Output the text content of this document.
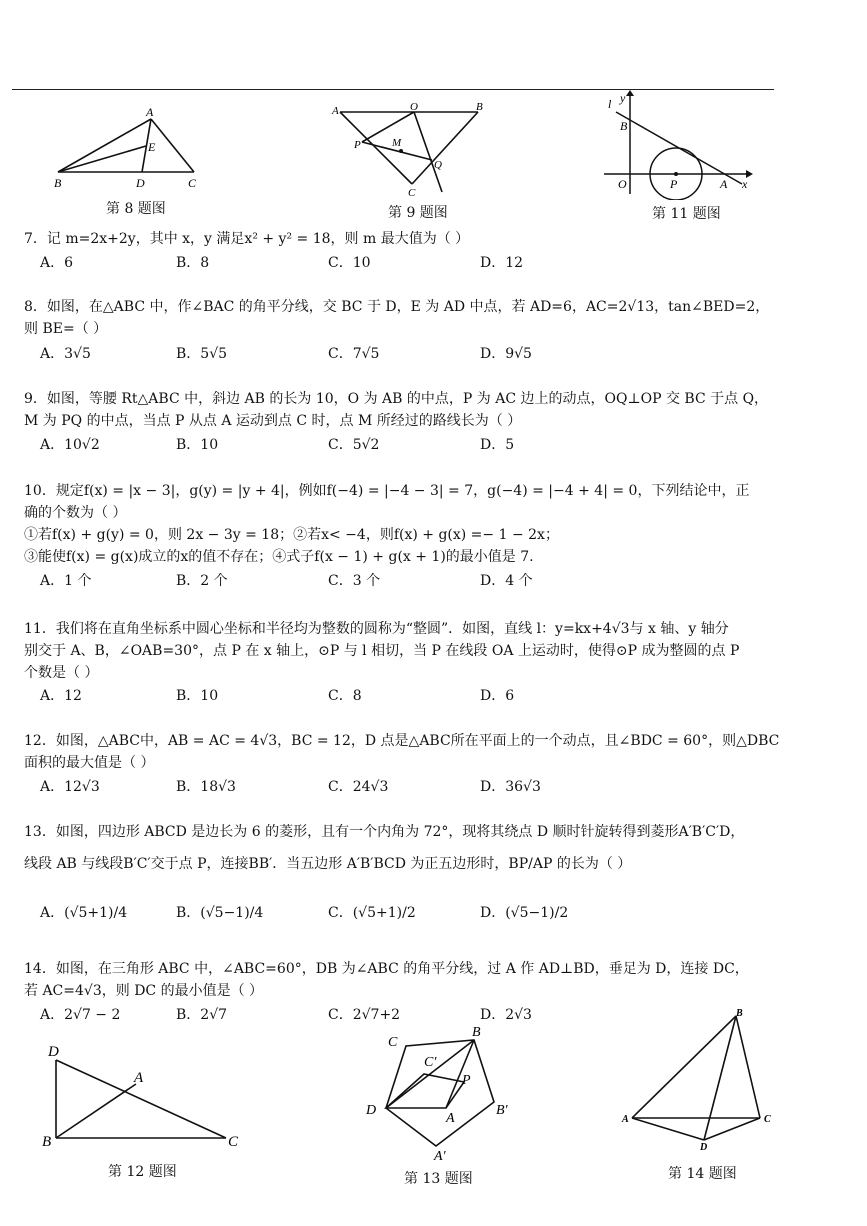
A
E
B	D	C
第 8 题图
A	O	B
P	M
Q
C
第 9 题图
l y
B
O	P	A x
第 11 题图
7．记 m=2x+2y，其中 x，y 满足x² + y² = 18，则 m 最大值为（ ）
A．6	B．8	C．10	D．12
8．如图，在△ABC 中，作∠BAC 的角平分线，交 BC 于 D，E 为 AD 中点，若 AD=6，AC=2√13，tan∠BED=2，
则 BE=（ ）
A．3√5	B．5√5	C．7√5	D．9√5
9．如图，等腰 Rt△ABC 中，斜边 AB 的长为 10，O 为 AB 的中点，P 为 AC 边上的动点，OQ⊥OP 交 BC 于点 Q，
M 为 PQ 的中点，当点 P 从点 A 运动到点 C 时，点 M 所经过的路线长为（ ）
A．10√2	B．10	C．5√2	D．5
10．规定f(x) = |x − 3|，g(y) = |y + 4|，例如f(−4) = |−4 − 3| = 7，g(−4) = |−4 + 4| = 0，下列结论中，正
确的个数为（ ）
①若f(x) + g(y) = 0，则 2x − 3y = 18；②若x< −4，则f(x) + g(x) =− 1 − 2x；
③能使f(x) = g(x)成立的x的值不存在；④式子f(x − 1) + g(x + 1)的最小值是 7.
A．1 个	B．2 个	C．3 个	D．4 个
11．我们将在直角坐标系中圆心坐标和半径均为整数的圆称为“整圆”．如图，直线 l：y=kx+4√3与 x 轴、y 轴分
别交于 A、B，∠OAB=30°，点 P 在 x 轴上，⊙P 与 l 相切，当 P 在线段 OA 上运动时，使得⊙P 成为整圆的点 P
个数是（ ）
A．12	B．10	C．8	D．6
12．如图，△ABC中，AB = AC = 4√3，BC = 12，D 点是△ABC所在平面上的一个动点，且∠BDC = 60°，则△DBC
面积的最大值是（ ）
A．12√3	B．18√3	C．24√3	D．36√3
13．如图，四边形 ABCD 是边长为 6 的菱形，且有一个内角为 72°，现将其绕点 D 顺时针旋转得到菱形A′B′C′D，
线段 AB 与线段B′C′交于点 P，连接BB′．当五边形 A′B′BCD 为正五边形时，BP/AP 的长为（ ）
A．(√5+1)/4	B．(√5−1)/4	C．(√5+1)/2	D．(√5−1)/2
14．如图，在三角形 ABC 中，∠ABC=60°，DB 为∠ABC 的角平分线，过 A 作 AD⊥BD，垂足为 D，连接 DC，
若 AC=4√3，则 DC 的最小值是（ ）
A．2√7 − 2	B．2√7	C．2√7+2	D．2√3
D
A
B	C
第 12 题图
C
B
C′
P
D
A
B′
A′
第 13 题图
B
A	C
D
第 14 题图
